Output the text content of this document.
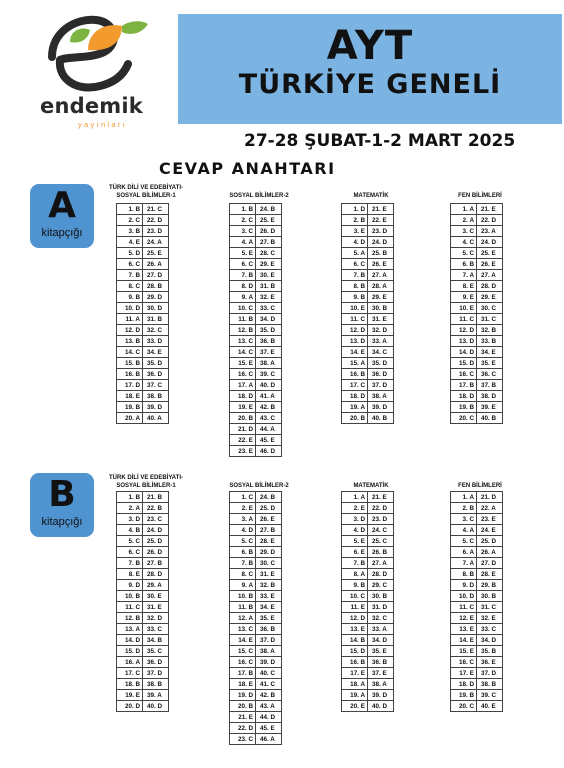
endemik
yayınları
AYT
TÜRKİYE GENELİ
27-28 ŞUBAT-1-2 MART 2025
CEVAP ANAHTARI
A
kitapçığı
TÜRK DİLİ VE EDEBİYATI-
SOSYAL BİLİMLER-1
1. B	21. C
2. C	22. D
3. B	23. D
4. E	24. A
5. D	25. E
6. C	26. A
7. B	27. D
8. C	28. B
9. B	29. D
10. D	30. D
11. A	31. B
12. D	32. C
13. B	33. D
14. C	34. E
15. B	35. D
16. B	36. D
17. D	37. C
18. E	38. B
19. B	39. D
20. A	40. A
SOSYAL BİLİMLER-2
1. B	24. B
2. C	25. E
3. C	26. D
4. A	27. B
5. E	28. C
6. C	29. E
7. B	30. E
8. D	31. B
9. A	32. E
10. C	33. C
11. B	34. D
12. B	35. D
13. C	36. B
14. C	37. E
15. E	38. A
16. C	39. C
17. A	40. D
18. D	41. A
19. E	42. B
20. B	43. C
21. D	44. A
22. E	45. E
23. E	46. D
MATEMATİK
1. D	21. E
2. B	22. E
3. E	23. D
4. D	24. D
5. A	25. B
6. C	26. E
7. B	27. A
8. B	28. A
9. B	29. E
10. E	30. B
11. C	31. E
12. D	32. D
13. D	33. A
14. E	34. C
15. A	35. D
16. B	36. D
17. C	37. D
18. D	38. A
19. A	39. D
20. B	40. B
FEN BİLİMLERİ
1. A	21. E
2. A	22. D
3. C	23. A
4. C	24. D
5. C	25. E
6. B	26. E
7. A	27. A
8. E	28. D
9. E	29. E
10. E	30. C
11. C	31. C
12. D	32. B
13. D	33. B
14. D	34. E
15. D	35. E
16. C	36. C
17. B	37. B
18. D	38. D
19. B	39. E
20. C	40. B
B
kitapçığı
TÜRK DİLİ VE EDEBİYATI-
SOSYAL BİLİMLER-1
1. B	21. B
2. A	22. B
3. D	23. C
4. B	24. D
5. C	25. D
6. C	26. D
7. B	27. B
8. E	28. D
9. D	29. A
10. B	30. E
11. C	31. E
12. B	32. D
13. A	33. C
14. D	34. B
15. D	35. C
16. A	36. D
17. C	37. D
18. B	38. B
19. E	39. A
20. D	40. D
SOSYAL BİLİMLER-2
1. C	24. B
2. E	25. D
3. A	26. E
4. D	27. B
5. C	28. E
6. B	29. D
7. B	30. C
8. C	31. E
9. A	32. B
10. B	33. E
11. B	34. E
12. A	35. E
13. C	36. B
14. E	37. D
15. C	38. A
16. C	39. D
17. B	40. C
18. E	41. C
19. D	42. B
20. B	43. A
21. E	44. D
22. D	45. E
23. C	46. A
MATEMATİK
1. A	21. E
2. E	22. D
3. D	23. D
4. D	24. C
5. E	25. C
6. E	26. B
7. B	27. A
8. A	28. D
9. B	29. C
10. C	30. B
11. E	31. D
12. D	32. C
13. E	33. A
14. B	34. D
15. D	35. E
16. B	36. B
17. E	37. E
18. A	38. A
19. A	39. D
20. E	40. D
FEN BİLİMLERİ
1. A	21. D
2. B	22. A
3. C	23. E
4. A	24. E
5. C	25. D
6. A	26. A
7. A	27. D
8. B	28. E
9. D	29. B
10. D	30. B
11. C	31. C
12. E	32. E
13. E	33. C
14. E	34. D
15. E	35. B
16. C	36. E
17. E	37. D
18. D	38. B
19. B	39. C
20. C	40. E
